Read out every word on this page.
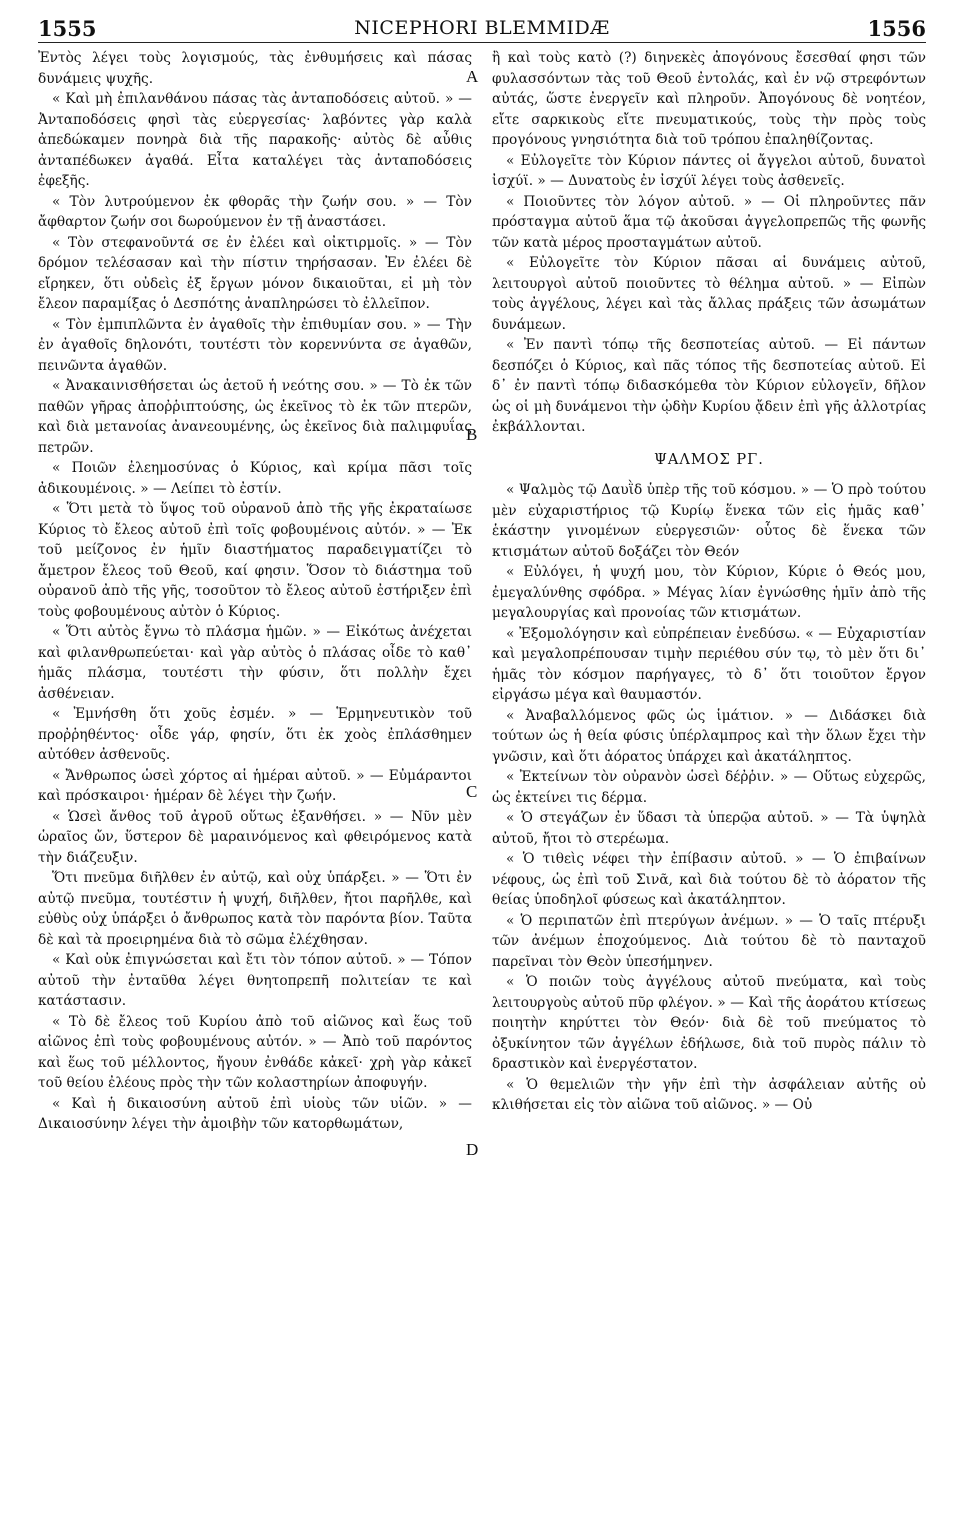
1555	NICEPHORI BLEMMIDÆ	1556
A
B
C
D

Ἐντὸς λέγει τοὺς λογισμούς, τὰς ἐνθυμήσεις καὶ πάσας δυνάμεις ψυχῆς.

« Καὶ μὴ ἐπιλανθάνου πάσας τὰς ἀνταποδόσεις αὐτοῦ. » — Ἀνταποδόσεις φησὶ τὰς εὐεργεσίας· λαβόντες γὰρ καλὰ ἀπεδώκαμεν πονηρὰ διὰ τῆς παρακοῆς· αὐτὸς δὲ αὖθις ἀνταπέδωκεν ἀγαθά. Εἶτα καταλέγει τὰς ἀνταποδόσεις ἐφεξῆς.

« Τὸν λυτρούμενον ἐκ φθορᾶς τὴν ζωήν σου. » — Τὸν ἄφθαρτον ζωήν σοι δωρούμενον ἐν τῇ ἀναστάσει.

« Τὸν στεφανοῦντά σε ἐν ἐλέει καὶ οἰκτιρμοῖς. » — Τὸν δρόμον τελέσασαν καὶ τὴν πίστιν τηρήσασαν. Ἐν ἐλέει δὲ εἴρηκεν, ὅτι οὐδεὶς ἐξ ἔργων μόνον δικαιοῦται, εἰ μὴ τὸν ἔλεον παραμίξας ὁ Δεσπότης ἀναπληρώσει τὸ ἐλλεῖπον.

« Τὸν ἐμπιπλῶντα ἐν ἀγαθοῖς τὴν ἐπιθυμίαν σου. » — Τὴν ἐν ἀγαθοῖς δηλονότι, τουτέστι τὸν κορεννύντα σε ἀγαθῶν, πεινῶντα ἀγαθῶν.

« Ἀνακαινισθήσεται ὡς ἀετοῦ ἡ νεότης σου. » — Τὸ ἐκ τῶν παθῶν γῆρας ἀποῤῥιπτούσης, ὡς ἐκεῖνος τὸ ἐκ τῶν πτερῶν, καὶ διὰ μετανοίας ἀνανεουμένης, ὡς ἐκεῖνος διὰ παλιμφυΐας πετρῶν.

« Ποιῶν ἐλεημοσύνας ὁ Κύριος, καὶ κρίμα πᾶσι τοῖς ἀδικουμένοις. » — Λείπει τὸ ἐστίν.

« Ὅτι μετὰ τὸ ὕψος τοῦ οὐρανοῦ ἀπὸ τῆς γῆς ἐκραταίωσε Κύριος τὸ ἔλεος αὐτοῦ ἐπὶ τοῖς φοβουμένοις αὐτόν. » — Ἐκ τοῦ μείζονος ἐν ἡμῖν διαστήματος παραδειγματίζει τὸ ἄμετρον ἔλεος τοῦ Θεοῦ, καί φησιν. Ὅσον τὸ διάστημα τοῦ οὐρανοῦ ἀπὸ τῆς γῆς, τοσοῦτον τὸ ἔλεος αὐτοῦ ἐστήριξεν ἐπὶ τοὺς φοβουμένους αὐτὸν ὁ Κύριος.

« Ὅτι αὐτὸς ἔγνω τὸ πλάσμα ἡμῶν. » — Εἰκότως ἀνέχεται καὶ φιλανθρωπεύεται· καὶ γὰρ αὐτὸς ὁ πλάσας οἶδε τὸ καθ᾽ ἡμᾶς πλάσμα, τουτέστι τὴν φύσιν, ὅτι πολλὴν ἔχει ἀσθένειαν.

« Ἐμνήσθη ὅτι χοῦς ἐσμέν. » — Ἑρμηνευτικὸν τοῦ προῤῥηθέντος· οἶδε γάρ, φησίν, ὅτι ἐκ χοὸς ἐπλάσθημεν αὐτόθεν ἀσθενοῦς.

« Ἄνθρωπος ὡσεὶ χόρτος αἱ ἡμέραι αὐτοῦ. » — Εὐμάραντοι καὶ πρόσκαιροι· ἡμέραν δὲ λέγει τὴν ζωήν.

« Ὡσεὶ ἄνθος τοῦ ἀγροῦ οὕτως ἐξανθήσει. » — Νῦν μὲν ὡραῖος ὤν, ὕστερον δὲ μαραινόμενος καὶ φθειρόμενος κατὰ τὴν διάζευξιν.

Ὅτι πνεῦμα διῆλθεν ἐν αὐτῷ, καὶ οὐχ ὑπάρξει. » — Ὅτι ἐν αὐτῷ πνεῦμα, τουτέστιν ἡ ψυχή, διῆλθεν, ἤτοι παρῆλθε, καὶ εὐθὺς οὐχ ὑπάρξει ὁ ἄνθρωπος κατὰ τὸν παρόντα βίον. Ταῦτα δὲ καὶ τὰ προειρημένα διὰ τὸ σῶμα ἐλέχθησαν.

« Καὶ οὐκ ἐπιγνώσεται καὶ ἔτι τὸν τόπον αὐτοῦ. » — Τόπον αὐτοῦ τὴν ἐνταῦθα λέγει θνητοπρεπῆ πολιτείαν τε καὶ κατάστασιν.

« Τὸ δὲ ἔλεος τοῦ Κυρίου ἀπὸ τοῦ αἰῶνος καὶ ἕως τοῦ αἰῶνος ἐπὶ τοὺς φοβουμένους αὐτόν. » — Ἀπὸ τοῦ παρόντος καὶ ἕως τοῦ μέλλοντος, ἤγουν ἐνθάδε κἀκεῖ· χρὴ γὰρ κἀκεῖ τοῦ θείου ἐλέους πρὸς τὴν τῶν κολαστηρίων ἀποφυγήν.

« Καὶ ἡ δικαιοσύνη αὐτοῦ ἐπὶ υἱοὺς τῶν υἱῶν. » — Δικαιοσύνην λέγει τὴν ἀμοιβὴν τῶν κατορθωμάτων,

ἢ καὶ τοὺς κατὸ (?) διηνεκὲς ἀπογόνους ἔσεσθαί φησι τῶν φυλασσόντων τὰς τοῦ Θεοῦ ἐντολάς, καὶ ἐν νῷ στρεφόντων αὐτάς, ὥστε ἐνεργεῖν καὶ πληροῦν. Ἀπογόνους δὲ νοητέον, εἴτε σαρκικοὺς εἴτε πνευματικούς, τοὺς τὴν πρὸς τοὺς προγόνους γνησιότητα διὰ τοῦ τρόπου ἐπαληθίζοντας.

« Εὐλογεῖτε τὸν Κύριον πάντες οἱ ἄγγελοι αὐτοῦ, δυνατοὶ ἰσχύϊ. » — Δυνατοὺς ἐν ἰσχύϊ λέγει τοὺς ἀσθενεῖς.

« Ποιοῦντες τὸν λόγον αὐτοῦ. » — Οἱ πληροῦντες πᾶν πρόσταγμα αὐτοῦ ἅμα τῷ ἀκοῦσαι ἀγγελοπρεπῶς τῆς φωνῆς τῶν κατὰ μέρος προσταγμάτων αὐτοῦ.

« Εὐλογεῖτε τὸν Κύριον πᾶσαι αἱ δυνάμεις αὐτοῦ, λειτουργοὶ αὐτοῦ ποιοῦντες τὸ θέλημα αὐτοῦ. » — Εἰπὼν τοὺς ἀγγέλους, λέγει καὶ τὰς ἄλλας πράξεις τῶν ἀσωμάτων δυνάμεων.

« Ἐν παντὶ τόπῳ τῆς δεσποτείας αὐτοῦ. — Εἰ πάντων δεσπόζει ὁ Κύριος, καὶ πᾶς τόπος τῆς δεσποτείας αὐτοῦ. Εἰ δ᾽ ἐν παντὶ τόπῳ διδασκόμεθα τὸν Κύριον εὐλογεῖν, δῆλον ὡς οἱ μὴ δυνάμενοι τὴν ᾠδὴν Κυρίου ᾄδειν ἐπὶ γῆς ἀλλοτρίας ἐκβάλλονται.

ΨΑΛΜΟΣ ΡΓ.

« Ψαλμὸς τῷ Δαυῒδ ὑπὲρ τῆς τοῦ κόσμου. » — Ὁ πρὸ τούτου μὲν εὐχαριστήριος τῷ Κυρίῳ ἕνεκα τῶν εἰς ἡμᾶς καθ᾽ ἑκάστην γινομένων εὐεργεσιῶν· οὗτος δὲ ἕνεκα τῶν κτισμάτων αὐτοῦ δοξάζει τὸν Θεόν

« Εὐλόγει, ἡ ψυχή μου, τὸν Κύριον, Κύριε ὁ Θεός μου, ἐμεγαλύνθης σφόδρα. » Μέγας λίαν ἐγνώσθης ἡμῖν ἀπὸ τῆς μεγαλουργίας καὶ προνοίας τῶν κτισμάτων.

« Ἐξομολόγησιν καὶ εὐπρέπειαν ἐνεδύσω. « — Εὐχαριστίαν καὶ μεγαλοπρέπουσαν τιμὴν περιέθου σύν τῳ, τὸ μὲν ὅτι δι᾽ ἡμᾶς τὸν κόσμον παρήγαγες, τὸ δ᾽ ὅτι τοιοῦτον ἔργον εἰργάσω μέγα καὶ θαυμαστόν.

« Ἀναβαλλόμενος φῶς ὡς ἱμάτιον. » — Διδάσκει διὰ τούτων ὡς ἡ θεία φύσις ὑπέρλαμπρος καὶ τὴν ὅλων ἔχει τὴν γνῶσιν, καὶ ὅτι ἀόρατος ὑπάρχει καὶ ἀκατάληπτος.

« Ἐκτείνων τὸν οὐρανὸν ὡσεὶ δέῤῥιν. » — Οὕτως εὐχερῶς, ὡς ἐκτείνει τις δέρμα.

« Ὁ στεγάζων ἐν ὕδασι τὰ ὑπερῷα αὐτοῦ. » — Τὰ ὑψηλὰ αὐτοῦ, ἤτοι τὸ στερέωμα.

« Ὁ τιθεὶς νέφει τὴν ἐπίβασιν αὐτοῦ. » — Ὁ ἐπιβαίνων νέφους, ὡς ἐπὶ τοῦ Σινᾶ, καὶ διὰ τούτου δὲ τὸ ἀόρατον τῆς θείας ὑποδηλοῖ φύσεως καὶ ἀκατάληπτον.

« Ὁ περιπατῶν ἐπὶ πτερύγων ἀνέμων. » — Ὁ ταῖς πτέρυξι τῶν ἀνέμων ἐποχούμενος. Διὰ τούτου δὲ τὸ πανταχοῦ παρεῖναι τὸν Θεὸν ὑπεσήμηνεν.

« Ὁ ποιῶν τοὺς ἀγγέλους αὐτοῦ πνεύματα, καὶ τοὺς λειτουργοὺς αὐτοῦ πῦρ φλέγον. » — Καὶ τῆς ἀοράτου κτίσεως ποιητὴν κηρύττει τὸν Θεόν· διὰ δὲ τοῦ πνεύματος τὸ ὀξυκίνητον τῶν ἀγγέλων ἐδήλωσε, διὰ τοῦ πυρὸς πάλιν τὸ δραστικὸν καὶ ἐνεργέστατον.

« Ὁ θεμελιῶν τὴν γῆν ἐπὶ τὴν ἀσφάλειαν αὐτῆς οὐ κλιθήσεται εἰς τὸν αἰῶνα τοῦ αἰῶνος. » — Οὐ
